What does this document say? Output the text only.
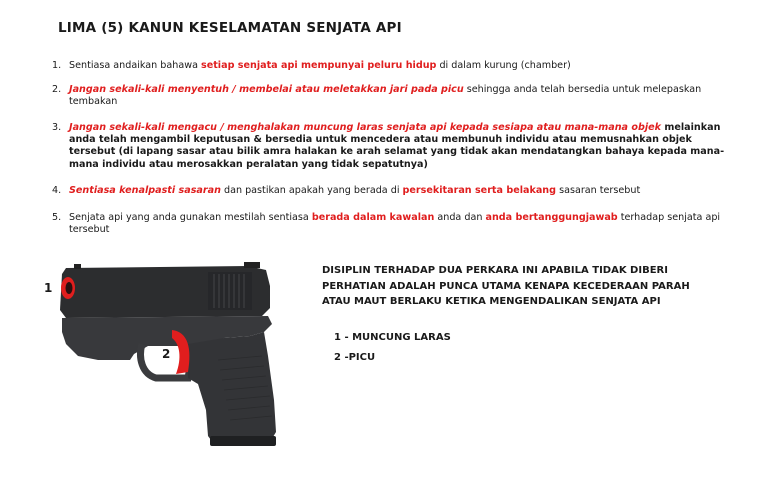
LIMA (5) KANUN KESELAMATAN SENJATA API
1. Sentiasa andaikan bahawa setiap senjata api mempunyai peluru hidup di dalam kurung (chamber)
2. Jangan sekali-kali menyentuh / membelai atau meletakkan jari pada picu sehingga anda telah bersedia untuk melepaskan tembakan
3. Jangan sekali-kali mengacu / menghalakan muncung laras senjata api kepada sesiapa atau mana-mana objek melainkan anda telah mengambil keputusan & bersedia untuk mencedera atau membunuh individu atau memusnahkan objek tersebut (di lapang sasar atau bilik amra halakan ke arah selamat yang tidak akan mendatangkan bahaya kepada mana-mana individu atau merosakkan peralatan yang tidak sepatutnya)
4. Sentiasa kenalpasti sasaran dan pastikan apakah yang berada di persekitaran serta belakang sasaran tersebut
5. Senjata api yang anda gunakan mestilah sentiasa berada dalam kawalan anda dan anda bertanggungjawab terhadap senjata api tersebut
1
2
DISIPLIN TERHADAP DUA PERKARA INI APABILA TIDAK DIBERI PERHATIAN ADALAH PUNCA UTAMA KENAPA KECEDERAAN PARAH ATAU MAUT BERLAKU KETIKA MENGENDALIKAN SENJATA API
1 - MUNCUNG LARAS
2 -PICU
